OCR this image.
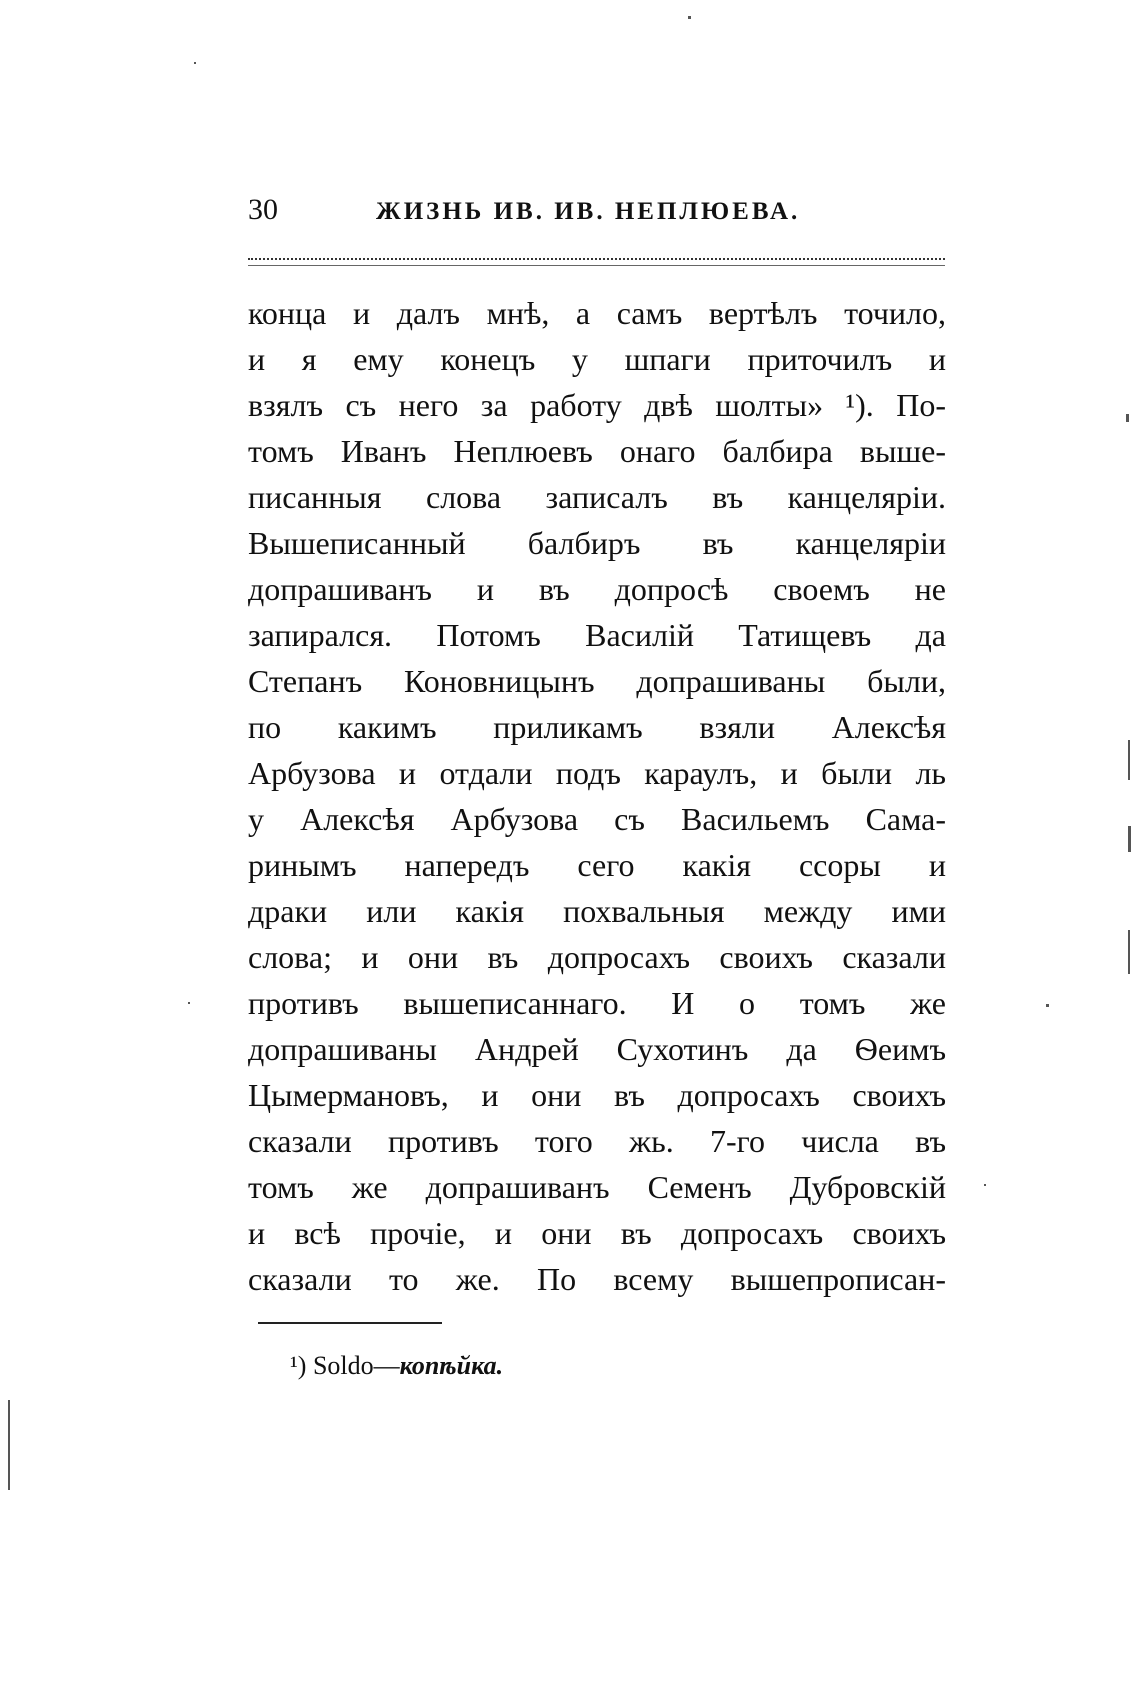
30	ЖИЗНЬ ИВ. ИВ. НЕПЛЮЕВА.
конца и далъ мнѣ, а самъ вертѣлъ точило,
и я ему конецъ у шпаги приточилъ и
взялъ съ него за работу двѣ шолты» ¹). По-
томъ Иванъ Неплюевъ онаго балбира выше-
писанныя слова записалъ въ канцеляріи.
Вышеписанный балбиръ въ канцеляріи
допрашиванъ и въ допросѣ своемъ не
запирался. Потомъ Василій Татищевъ да
Степанъ Коновницынъ допрашиваны были,
по какимъ приликамъ взяли Алексѣя
Арбузова и отдали подъ караулъ, и были ль
у Алексѣя Арбузова съ Васильемъ Сама-
ринымъ напередъ сего какія ссоры и
драки или какія похвальныя между ими
слова; и они въ допросахъ своихъ сказали
противъ вышеписаннаго. И о томъ же
допрашиваны Андрей Сухотинъ да Ѳеимъ
Цымермановъ, и они въ допросахъ своихъ
сказали противъ того жь. 7-го числа въ
томъ же допрашиванъ Семенъ Дубровскій
и всѣ прочіе, и они въ допросахъ своихъ
сказали то же. По всему вышепрописан-
¹) Soldo—копѣйка.
